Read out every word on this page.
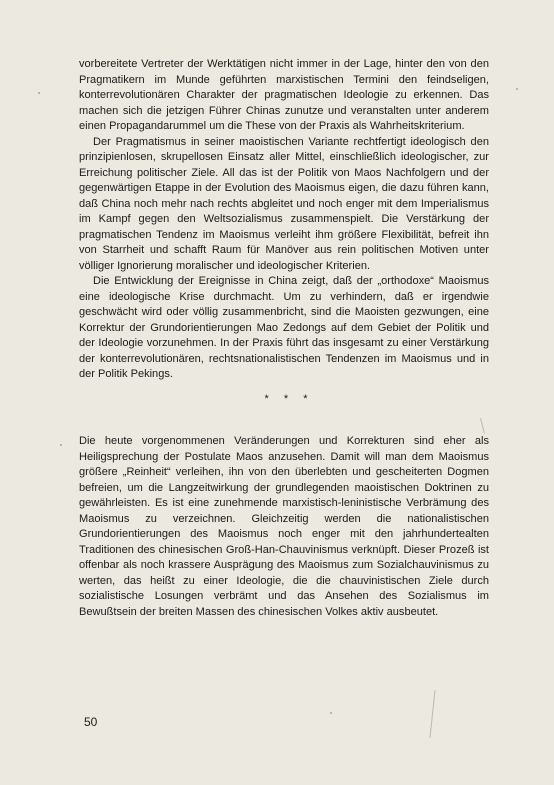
vorbereitete Vertreter der Werktätigen nicht immer in der Lage, hinter den von den Pragmatikern im Munde geführten marxistischen Termini den feindseligen, konterrevolutionären Charakter der pragmatischen Ideologie zu erkennen. Das machen sich die jetzigen Führer Chinas zunutze und veranstalten unter anderem einen Propagandarummel um die These von der Praxis als Wahrheitskriterium.

Der Pragmatismus in seiner maoistischen Variante rechtfertigt ideologisch den prinzipienlosen, skrupellosen Einsatz aller Mittel, einschließlich ideologischer, zur Erreichung politischer Ziele. All das ist der Politik von Maos Nachfolgern und der gegenwärtigen Etappe in der Evolution des Maoismus eigen, die dazu führen kann, daß China noch mehr nach rechts abgleitet und noch enger mit dem Imperialismus im Kampf gegen den Weltsozialismus zusammenspielt. Die Verstärkung der pragmatischen Tendenz im Maoismus verleiht ihm größere Flexibilität, befreit ihn von Starrheit und schafft Raum für Manöver aus rein politischen Motiven unter völliger Ignorierung moralischer und ideologischer Kriterien.

Die Entwicklung der Ereignisse in China zeigt, daß der „orthodoxe“ Maoismus eine ideologische Krise durchmacht. Um zu verhindern, daß er irgendwie geschwächt wird oder völlig zusammenbricht, sind die Maoisten gezwungen, eine Korrektur der Grundorientierungen Mao Zedongs auf dem Gebiet der Politik und der Ideologie vorzunehmen. In der Praxis führt das insgesamt zu einer Verstärkung der konterrevolutionären, rechtsnationalistischen Tendenzen im Maoismus und in der Politik Pekings.

* * *

Die heute vorgenommenen Veränderungen und Korrekturen sind eher als Heiligsprechung der Postulate Maos anzusehen. Damit will man dem Maoismus größere „Reinheit“ verleihen, ihn von den überlebten und gescheiterten Dogmen befreien, um die Langzeitwirkung der grundlegenden maoistischen Doktrinen zu gewährleisten. Es ist eine zunehmende marxistisch-leninistische Verbrämung des Maoismus zu verzeichnen. Gleichzeitig werden die nationalistischen Grundorientierungen des Maoismus noch enger mit den jahrhundertealten Traditionen des chinesischen Groß-Han-Chauvinismus verknüpft. Dieser Prozeß ist offenbar als noch krassere Ausprägung des Maoismus zum Sozialchauvinismus zu werten, das heißt zu einer Ideologie, die die chauvinistischen Ziele durch sozialistische Losungen verbrämt und das Ansehen des Sozialismus im Bewußtsein der breiten Massen des chinesischen Volkes aktiv ausbeutet.

50
